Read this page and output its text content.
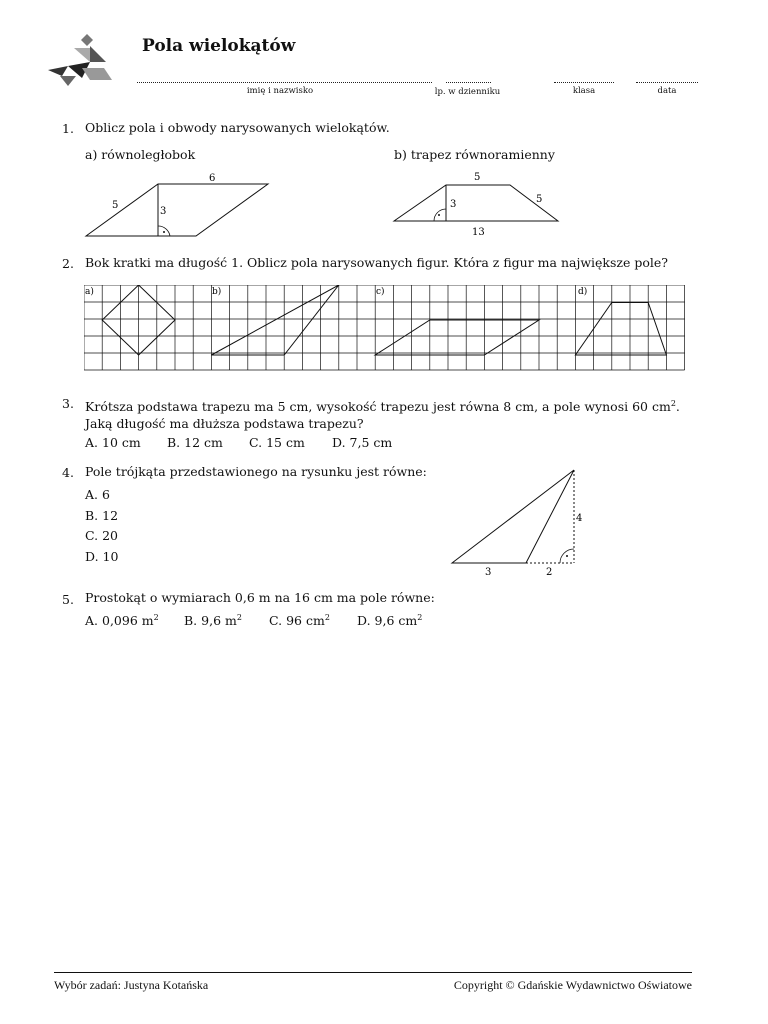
Pola wielokątów
imię i nazwisko	lp. w dzienniku	klasa	data
1. Oblicz pola i obwody narysowanych wielokątów.
a) równoległobok	b) trapez równoramienny
6
5
3
5
5
3
13
2. Bok kratki ma długość 1. Oblicz pola narysowanych figur. Która z figur ma największe pole?
a)	b)	c)	d)
3. Krótsza podstawa trapezu ma 5 cm, wysokość trapezu jest równa 8 cm, a pole wynosi 60 $cm^2$. Jaką długość ma dłuższa podstawa trapezu?
A. 10 cm B. 12 cm C. 15 cm D. 7,5 cm
4. Pole trójkąta przedstawionego na rysunku jest równe:
A. 6
B. 12
C. 20
D. 10
3	2
4
5. Prostokąt o wymiarach 0,6 m na 16 cm ma pole równe:
A. 0,096 $m^2$ B. 9,6 $m^2$ C. 96 $cm^2$ D. 9,6 $cm^2$
Wybór zadań: Justyna Kotańska	Copyright © Gdańskie Wydawnictwo Oświatowe
